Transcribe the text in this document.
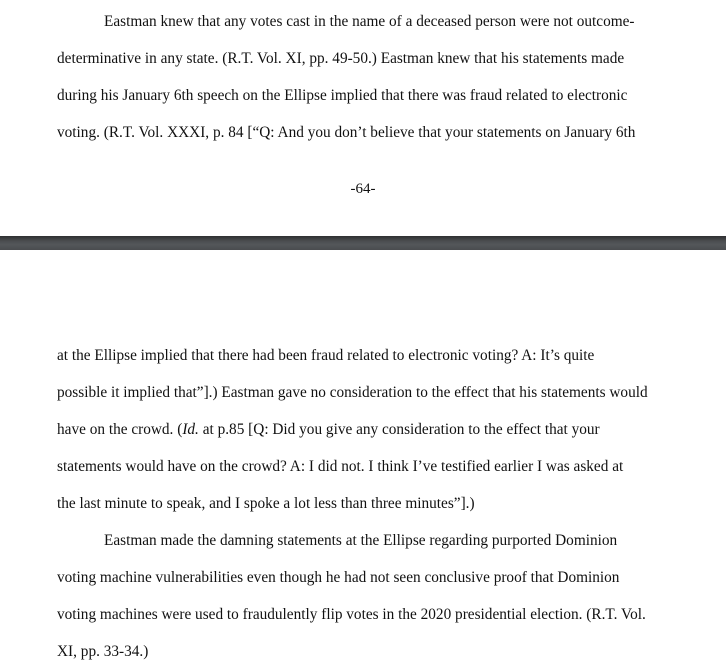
Eastman knew that any votes cast in the name of a deceased person were not outcome-
determinative in any state. (R.T. Vol. XI, pp. 49-50.) Eastman knew that his statements made
during his January 6th speech on the Ellipse implied that there was fraud related to electronic
voting. (R.T. Vol. XXXI, p. 84 [“Q: And you don’t believe that your statements on January 6th
-64-
at the Ellipse implied that there had been fraud related to electronic voting? A: It’s quite
possible it implied that”].) Eastman gave no consideration to the effect that his statements would
have on the crowd. (Id. at p.85 [Q: Did you give any consideration to the effect that your
statements would have on the crowd? A: I did not. I think I’ve testified earlier I was asked at
the last minute to speak, and I spoke a lot less than three minutes”].)
Eastman made the damning statements at the Ellipse regarding purported Dominion
voting machine vulnerabilities even though he had not seen conclusive proof that Dominion
voting machines were used to fraudulently flip votes in the 2020 presidential election. (R.T. Vol.
XI, pp. 33-34.)
